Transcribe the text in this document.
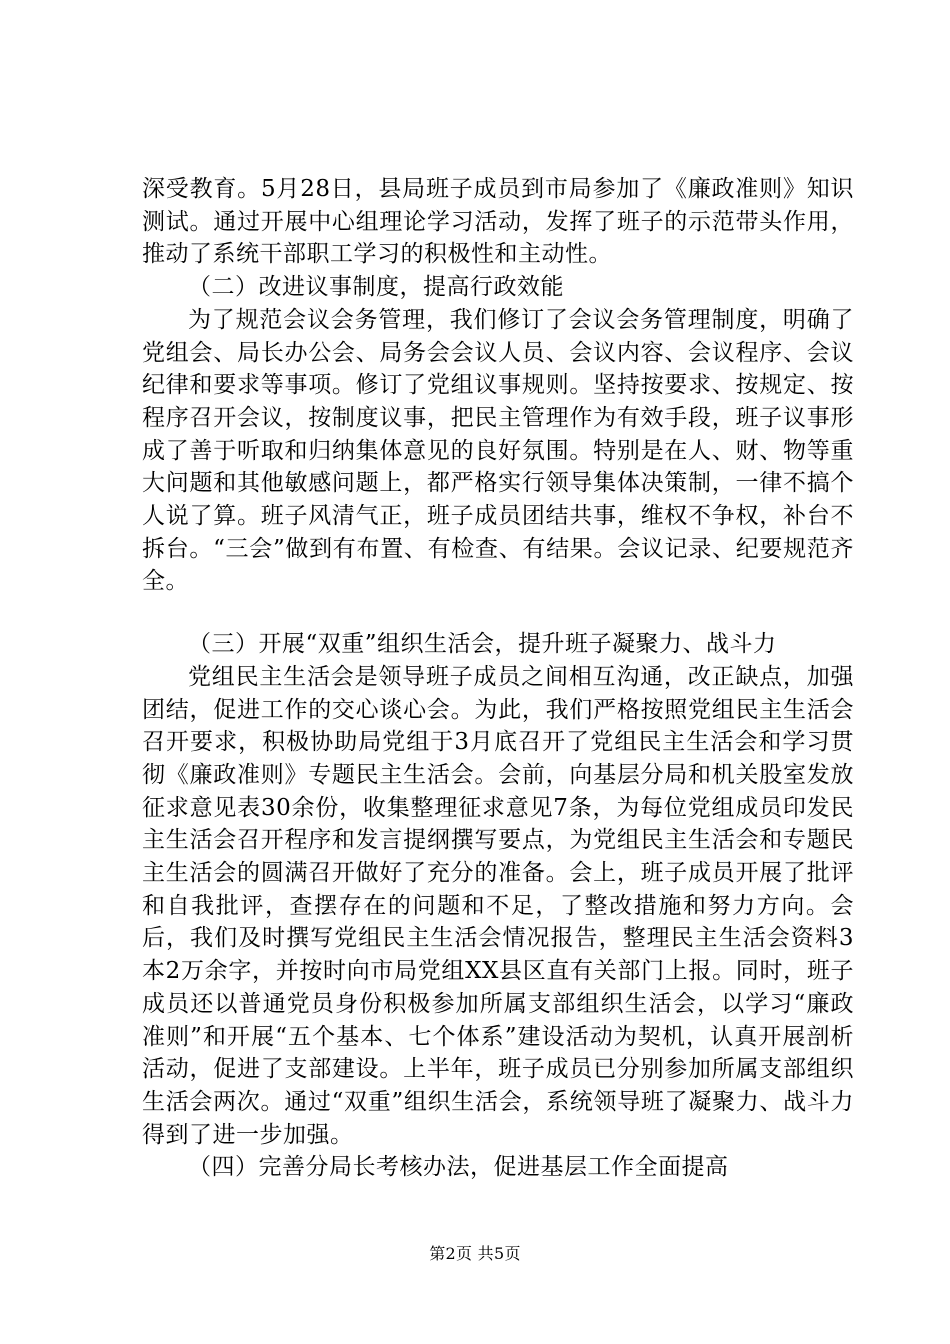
深受教育。5月28日，县局班子成员到市局参加了《廉政准则》知识测试。通过开展中心组理论学习活动，发挥了班子的示范带头作用，推动了系统干部职工学习的积极性和主动性。

（二）改进议事制度，提高行政效能

为了规范会议会务管理，我们修订了会议会务管理制度，明确了党组会、局长办公会、局务会会议人员、会议内容、会议程序、会议纪律和要求等事项。修订了党组议事规则。坚持按要求、按规定、按程序召开会议，按制度议事，把民主管理作为有效手段，班子议事形成了善于听取和归纳集体意见的良好氛围。特别是在人、财、物等重大问题和其他敏感问题上，都严格实行领导集体决策制，一律不搞个人说了算。班子风清气正，班子成员团结共事，维权不争权，补台不拆台。“三会”做到有布置、有检查、有结果。会议记录、纪要规范齐全。

（三）开展“双重”组织生活会，提升班子凝聚力、战斗力

党组民主生活会是领导班子成员之间相互沟通，改正缺点，加强团结，促进工作的交心谈心会。为此，我们严格按照党组民主生活会召开要求，积极协助局党组于3月底召开了党组民主生活会和学习贯彻《廉政准则》专题民主生活会。会前，向基层分局和机关股室发放征求意见表30余份，收集整理征求意见7条，为每位党组成员印发民主生活会召开程序和发言提纲撰写要点，为党组民主生活会和专题民主生活会的圆满召开做好了充分的准备。会上，班子成员开展了批评和自我批评，查摆存在的问题和不足，了整改措施和努力方向。会后，我们及时撰写党组民主生活会情况报告，整理民主生活会资料3本2万余字，并按时向市局党组XX县区直有关部门上报。同时，班子成员还以普通党员身份积极参加所属支部组织生活会，以学习“廉政准则”和开展“五个基本、七个体系”建设活动为契机，认真开展剖析活动，促进了支部建设。上半年，班子成员已分别参加所属支部组织生活会两次。通过“双重”组织生活会，系统领导班了凝聚力、战斗力得到了进一步加强。

（四）完善分局长考核办法，促进基层工作全面提高

第2页 共5页
